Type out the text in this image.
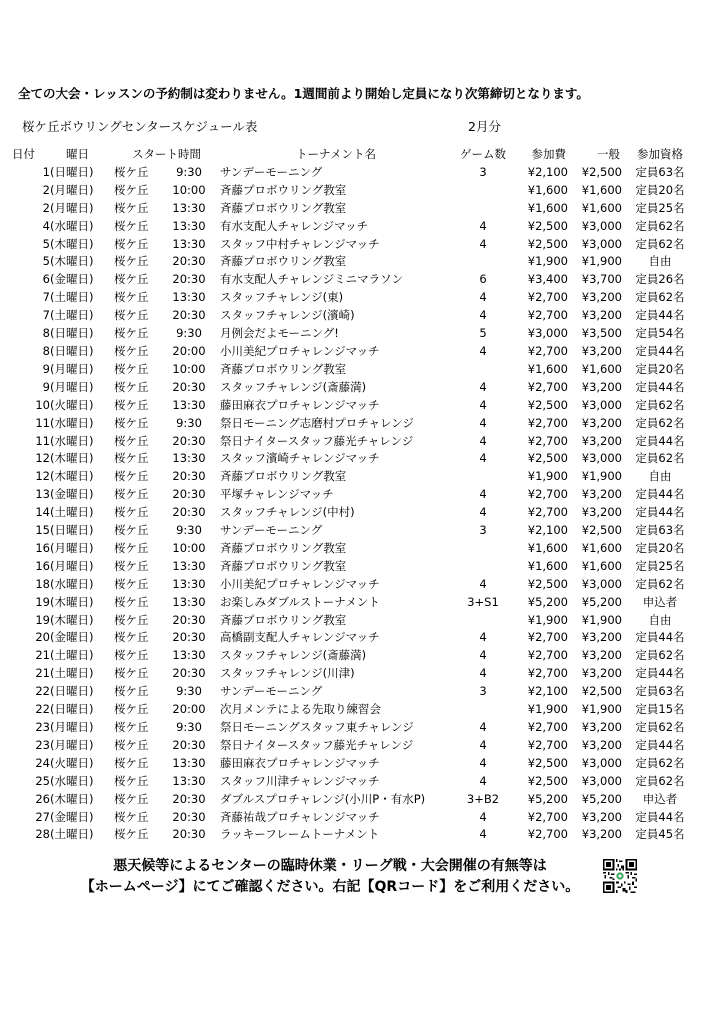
全ての大会・レッスンの予約制は変わりません。1週間前より開始し定員になり次第締切となります。
桜ケ丘ボウリングセンタースケジュール表	2月分
日付	曜日		スタート時間		トーナメント名	ゲーム数	参加費	一般	参加資格
1	(日曜日)		桜ケ丘	9:30	サンデーモーニング	3	¥2,100	¥2,500	定員63名
2	(月曜日)		桜ケ丘	10:00	斉藤プロボウリング教室		¥1,600	¥1,600	定員20名
2	(月曜日)		桜ケ丘	13:30	斉藤プロボウリング教室		¥1,600	¥1,600	定員25名
4	(水曜日)		桜ケ丘	13:30	有水支配人チャレンジマッチ	4	¥2,500	¥3,000	定員62名
5	(木曜日)		桜ケ丘	13:30	スタッフ中村チャレンジマッチ	4	¥2,500	¥3,000	定員62名
5	(木曜日)		桜ケ丘	20:30	斉藤プロボウリング教室		¥1,900	¥1,900	自由
6	(金曜日)		桜ケ丘	20:30	有水支配人チャレンジミニマラソン	6	¥3,400	¥3,700	定員26名
7	(土曜日)		桜ケ丘	13:30	スタッフチャレンジ(東)	4	¥2,700	¥3,200	定員62名
7	(土曜日)		桜ケ丘	20:30	スタッフチャレンジ(濱崎)	4	¥2,700	¥3,200	定員44名
8	(日曜日)		桜ケ丘	9:30	月例会だよモーニング!	5	¥3,000	¥3,500	定員54名
8	(日曜日)		桜ケ丘	20:00	小川美紀プロチャレンジマッチ	4	¥2,700	¥3,200	定員44名
9	(月曜日)		桜ケ丘	10:00	斉藤プロボウリング教室		¥1,600	¥1,600	定員20名
9	(月曜日)		桜ケ丘	20:30	スタッフチャレンジ(斎藤満)	4	¥2,700	¥3,200	定員44名
10	(火曜日)		桜ケ丘	13:30	藤田麻衣プロチャレンジマッチ	4	¥2,500	¥3,000	定員62名
11	(水曜日)		桜ケ丘	9:30	祭日モーニング志磨村プロチャレンジ	4	¥2,700	¥3,200	定員62名
11	(水曜日)		桜ケ丘	20:30	祭日ナイタースタッフ藤光チャレンジ	4	¥2,700	¥3,200	定員44名
12	(木曜日)		桜ケ丘	13:30	スタッフ濱崎チャレンジマッチ	4	¥2,500	¥3,000	定員62名
12	(木曜日)		桜ケ丘	20:30	斉藤プロボウリング教室		¥1,900	¥1,900	自由
13	(金曜日)		桜ケ丘	20:30	平塚チャレンジマッチ	4	¥2,700	¥3,200	定員44名
14	(土曜日)		桜ケ丘	20:30	スタッフチャレンジ(中村)	4	¥2,700	¥3,200	定員44名
15	(日曜日)		桜ケ丘	9:30	サンデーモーニング	3	¥2,100	¥2,500	定員63名
16	(月曜日)		桜ケ丘	10:00	斉藤プロボウリング教室		¥1,600	¥1,600	定員20名
16	(月曜日)		桜ケ丘	13:30	斉藤プロボウリング教室		¥1,600	¥1,600	定員25名
18	(水曜日)		桜ケ丘	13:30	小川美紀プロチャレンジマッチ	4	¥2,500	¥3,000	定員62名
19	(木曜日)		桜ケ丘	13:30	お楽しみダブルストーナメント	3+S1	¥5,200	¥5,200	申込者
19	(木曜日)		桜ケ丘	20:30	斉藤プロボウリング教室		¥1,900	¥1,900	自由
20	(金曜日)		桜ケ丘	20:30	高橋副支配人チャレンジマッチ	4	¥2,700	¥3,200	定員44名
21	(土曜日)		桜ケ丘	13:30	スタッフチャレンジ(斎藤満)	4	¥2,700	¥3,200	定員62名
21	(土曜日)		桜ケ丘	20:30	スタッフチャレンジ(川津)	4	¥2,700	¥3,200	定員44名
22	(日曜日)		桜ケ丘	9:30	サンデーモーニング	3	¥2,100	¥2,500	定員63名
22	(日曜日)		桜ケ丘	20:00	次月メンテによる先取り練習会		¥1,900	¥1,900	定員15名
23	(月曜日)		桜ケ丘	9:30	祭日モーニングスタッフ東チャレンジ	4	¥2,700	¥3,200	定員62名
23	(月曜日)		桜ケ丘	20:30	祭日ナイタースタッフ藤光チャレンジ	4	¥2,700	¥3,200	定員44名
24	(火曜日)		桜ケ丘	13:30	藤田麻衣プロチャレンジマッチ	4	¥2,500	¥3,000	定員62名
25	(水曜日)		桜ケ丘	13:30	スタッフ川津チャレンジマッチ	4	¥2,500	¥3,000	定員62名
26	(木曜日)		桜ケ丘	20:30	ダブルスプロチャレンジ(小川P・有水P)	3+B2	¥5,200	¥5,200	申込者
27	(金曜日)		桜ケ丘	20:30	斉藤祐哉プロチャレンジマッチ	4	¥2,700	¥3,200	定員44名
28	(土曜日)		桜ケ丘	20:30	ラッキーフレームトーナメント	4	¥2,700	¥3,200	定員45名
悪天候等によるセンターの臨時休業・リーグ戦・大会開催の有無等は
【ホームページ】にてご確認ください。右記【QRコード】をご利用ください。
